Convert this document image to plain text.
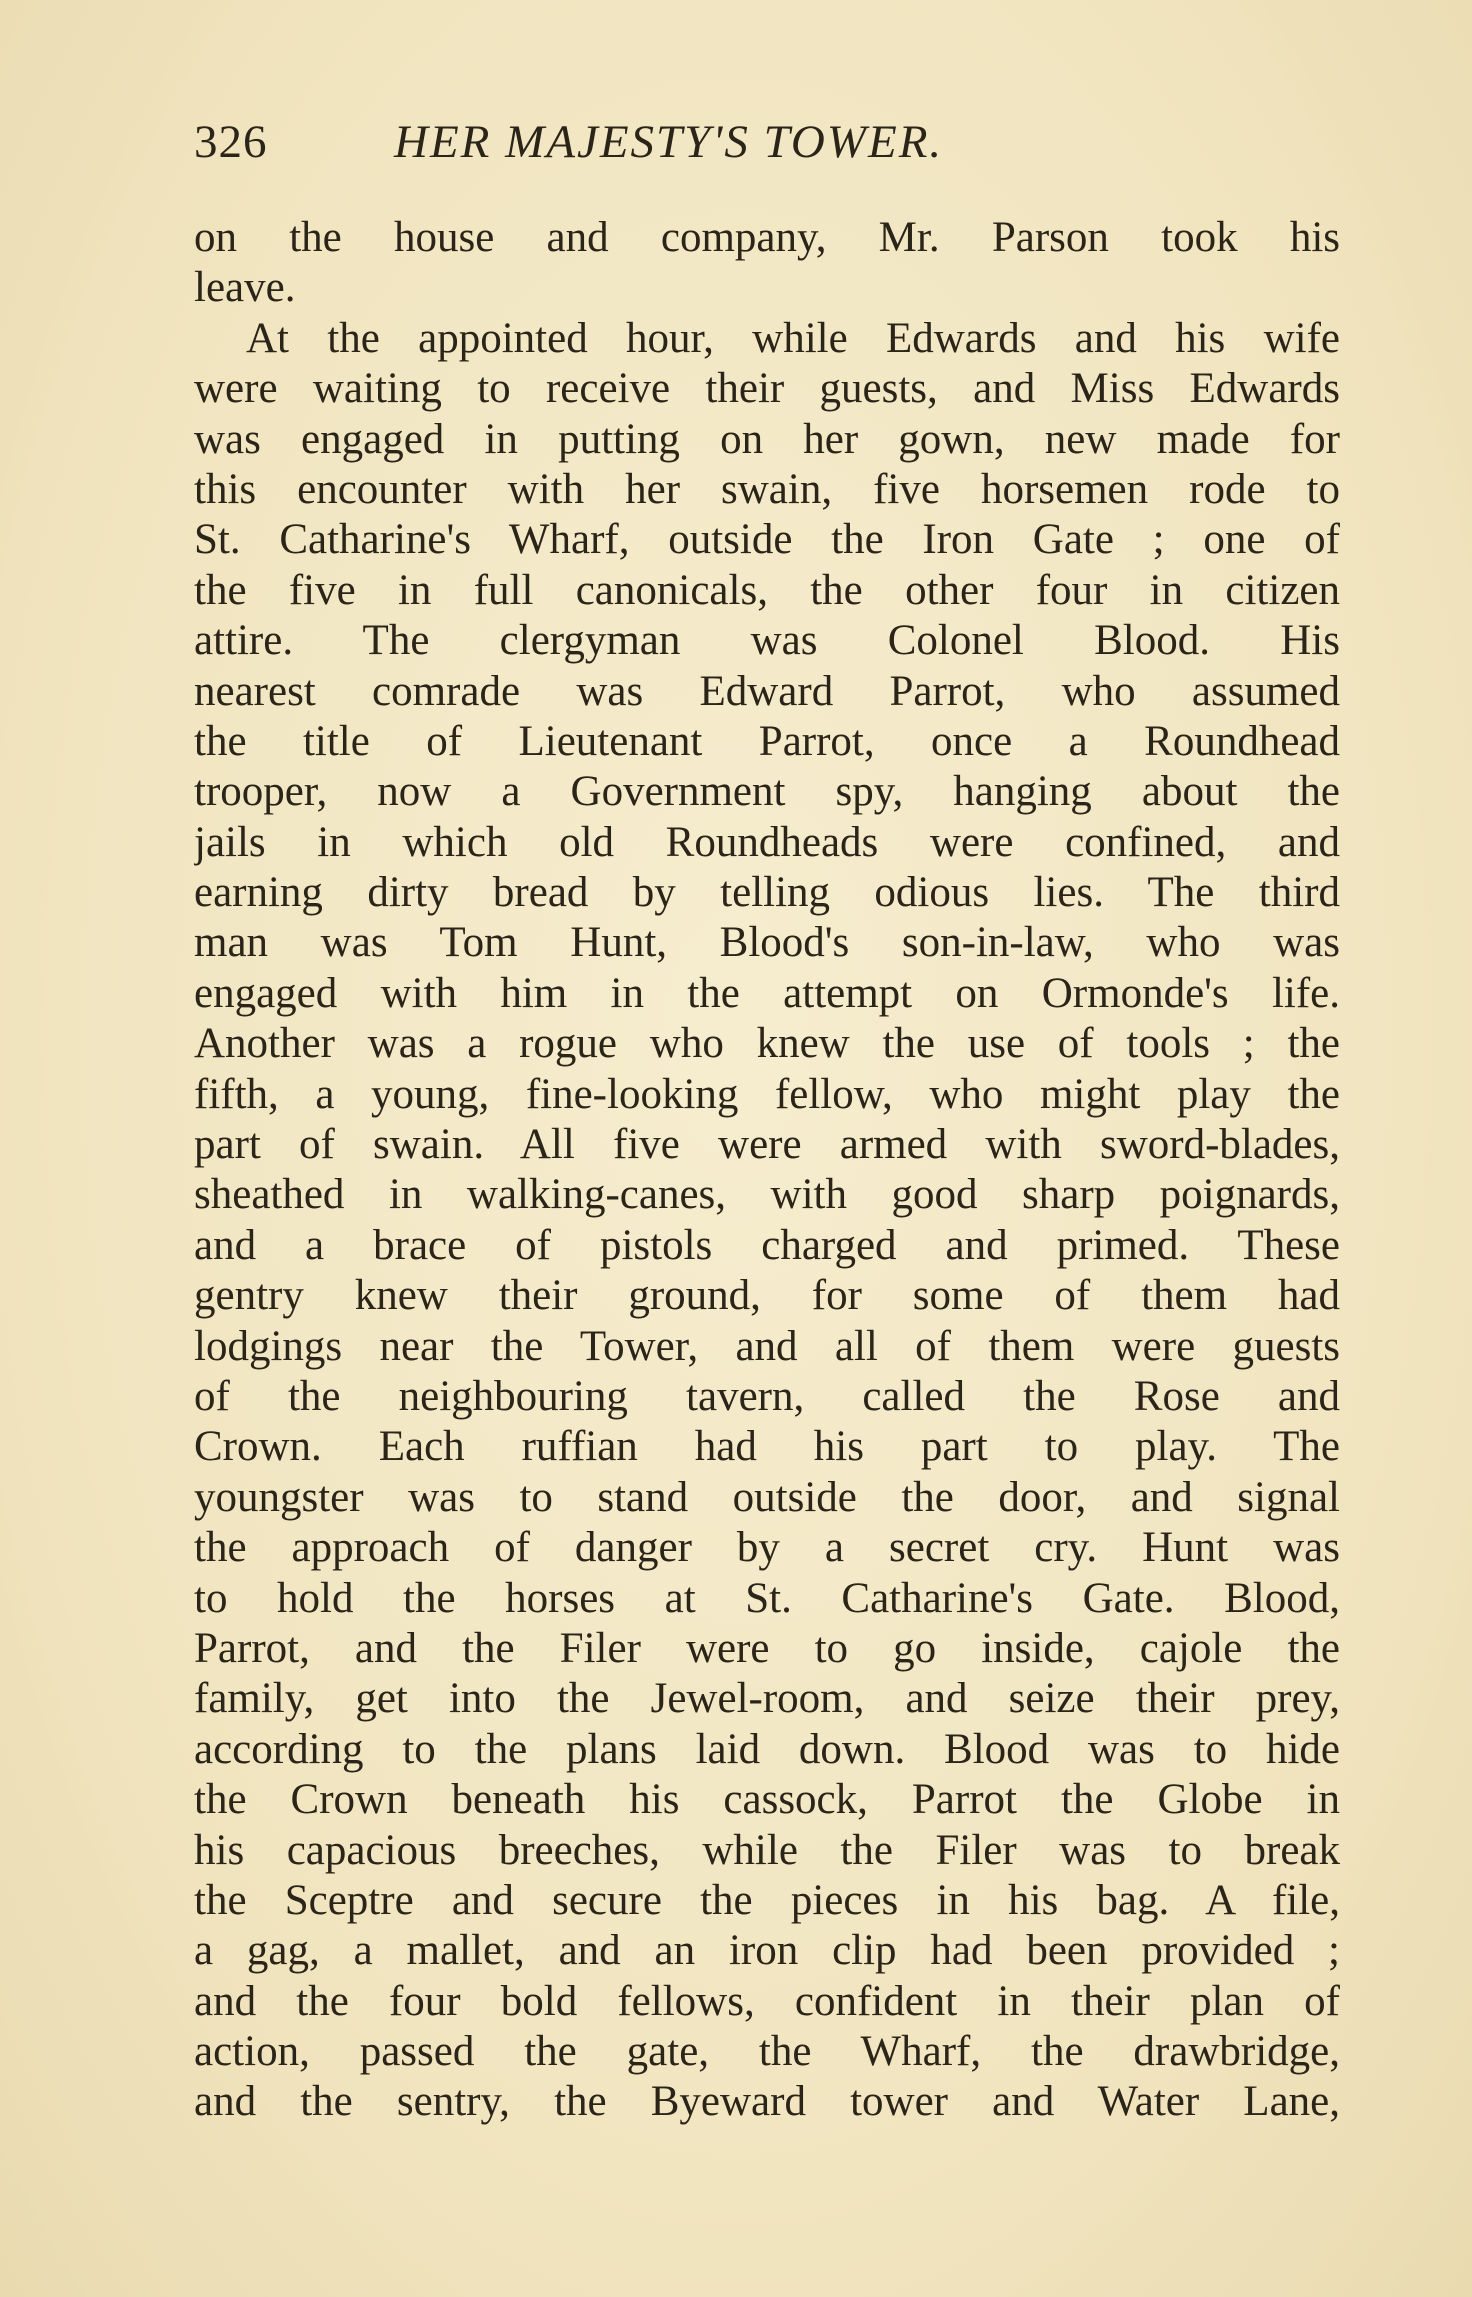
326	HER MAJESTY'S TOWER.
on the house and company, Mr. Parson took his
leave.
At the appointed hour, while Edwards and his wife
were waiting to receive their guests, and Miss Edwards
was engaged in putting on her gown, new made for
this encounter with her swain, five horsemen rode to
St. Catharine's Wharf, outside the Iron Gate ; one of
the five in full canonicals, the other four in citizen
attire. The clergyman was Colonel Blood. His
nearest comrade was Edward Parrot, who assumed
the title of Lieutenant Parrot, once a Roundhead
trooper, now a Government spy, hanging about the
jails in which old Roundheads were confined, and
earning dirty bread by telling odious lies. The third
man was Tom Hunt, Blood's son-in-law, who was
engaged with him in the attempt on Ormonde's life.
Another was a rogue who knew the use of tools ; the
fifth, a young, fine-looking fellow, who might play the
part of swain. All five were armed with sword-blades,
sheathed in walking-canes, with good sharp poignards,
and a brace of pistols charged and primed. These
gentry knew their ground, for some of them had
lodgings near the Tower, and all of them were guests
of the neighbouring tavern, called the Rose and
Crown. Each ruffian had his part to play. The
youngster was to stand outside the door, and signal
the approach of danger by a secret cry. Hunt was
to hold the horses at St. Catharine's Gate. Blood,
Parrot, and the Filer were to go inside, cajole the
family, get into the Jewel-room, and seize their prey,
according to the plans laid down. Blood was to hide
the Crown beneath his cassock, Parrot the Globe in
his capacious breeches, while the Filer was to break
the Sceptre and secure the pieces in his bag. A file,
a gag, a mallet, and an iron clip had been provided ;
and the four bold fellows, confident in their plan of
action, passed the gate, the Wharf, the drawbridge,
and the sentry, the Byeward tower and Water Lane,
